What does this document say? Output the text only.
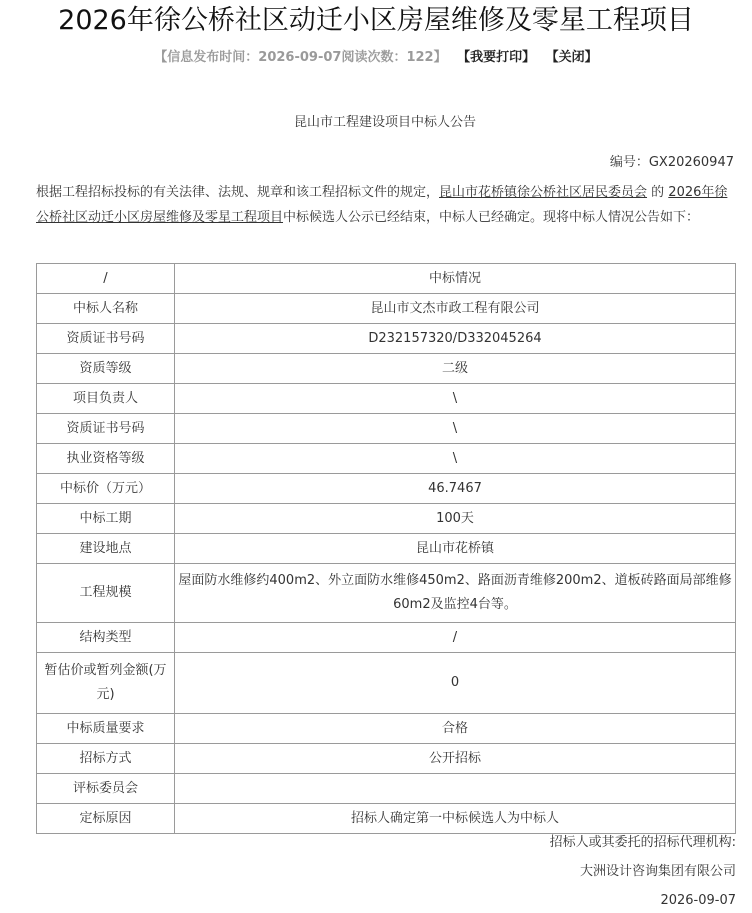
2026年徐公桥社区动迁小区房屋维修及零星工程项目
【信息发布时间：2026-09-07阅读次数：122】 【我要打印】 【关闭】
昆山市工程建设项目中标人公告
编号：GX20260947
根据工程招标投标的有关法律、法规、规章和该工程招标文件的规定，昆山市花桥镇徐公桥社区居民委员会 的 2026年徐公桥社区动迁小区房屋维修及零星工程项目中标候选人公示已经结束，中标人已经确定。现将中标人情况公告如下：
/	中标情况
中标人名称	昆山市文杰市政工程有限公司
资质证书号码	D232157320/D332045264
资质等级	二级
项目负责人	\
资质证书号码	\
执业资格等级	\
中标价（万元）	46.7467
中标工期	100天
建设地点	昆山市花桥镇
工程规模	屋面防水维修约400m2、外立面防水维修450m2、路面沥青维修200m2、道板砖路面局部维修60m2及监控4台等。
结构类型	/
暂估价或暂列金额(万元)	0
中标质量要求	合格
招标方式	公开招标
评标委员会	
定标原因	招标人确定第一中标候选人为中标人
招标人或其委托的招标代理机构:
大洲设计咨询集团有限公司
2026-09-07
